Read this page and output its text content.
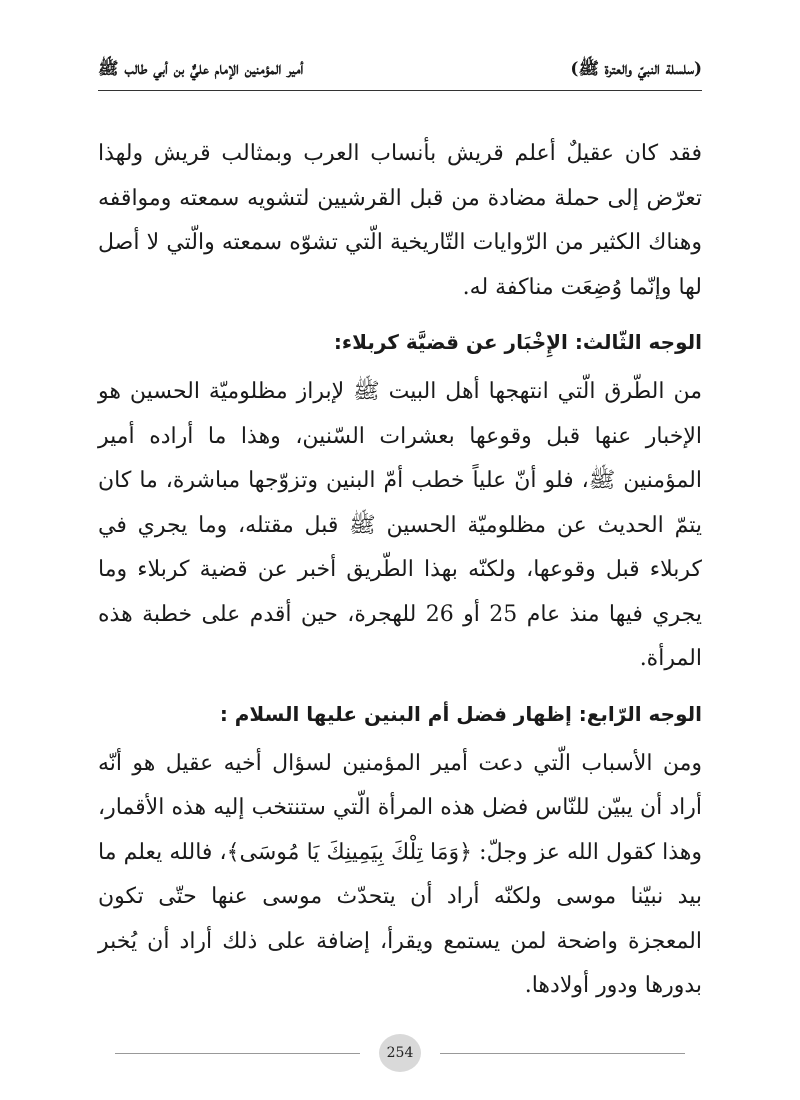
(سلسلة النبيّ والعترة ﷺ)
أمير المؤمنين الإمام عليٌّ بن أبي طالب ﷺ

فقد كان عقيلٌ أعلم قريش بأنساب العرب وبمثالب قريش ولهذا تعرّض إلى حملة مضادة من قبل القرشيين لتشويه سمعته ومواقفه وهناك الكثير من الرّوايات التّاريخية الّتي تشوّه سمعته والّتي لا أصل لها وإنّما وُضِعَت مناكفة له.

الوجه الثّالث: الإِخْبَار عن قضيَّة كربلاء:

من الطّرق الّتي انتهجها أهل البيت ﷺ لإبراز مظلوميّة الحسين هو الإخبار عنها قبل وقوعها بعشرات السّنين، وهذا ما أراده أمير المؤمنين ﷺ، فلو أنّ علياً خطب أمّ البنين وتزوّجها مباشرة، ما كان يتمّ الحديث عن مظلوميّة الحسين ﷺ قبل مقتله، وما يجري في كربلاء قبل وقوعها، ولكنّه بهذا الطّريق أخبر عن قضية كربلاء وما يجري فيها منذ عام 25 أو 26 للهجرة، حين أقدم على خطبة هذه المرأة.

الوجه الرّابع: إظهار فضل أم البنين عليها السلام :

ومن الأسباب الّتي دعت أمير المؤمنين لسؤال أخيه عقيل هو أنّه أراد أن يبيّن للنّاس فضل هذه المرأة الّتي ستنتخب إليه هذه الأقمار، وهذا كقول الله عز وجلّ: ﴿وَمَا تِلْكَ بِيَمِينِكَ يَا مُوسَى﴾، فالله يعلم ما بيد نبيّنا موسى ولكنّه أراد أن يتحدّث موسى عنها حتّى تكون المعجزة واضحة لمن يستمع ويقرأ، إضافة على ذلك أراد أن يُخبر بدورها ودور أولادها.

254
